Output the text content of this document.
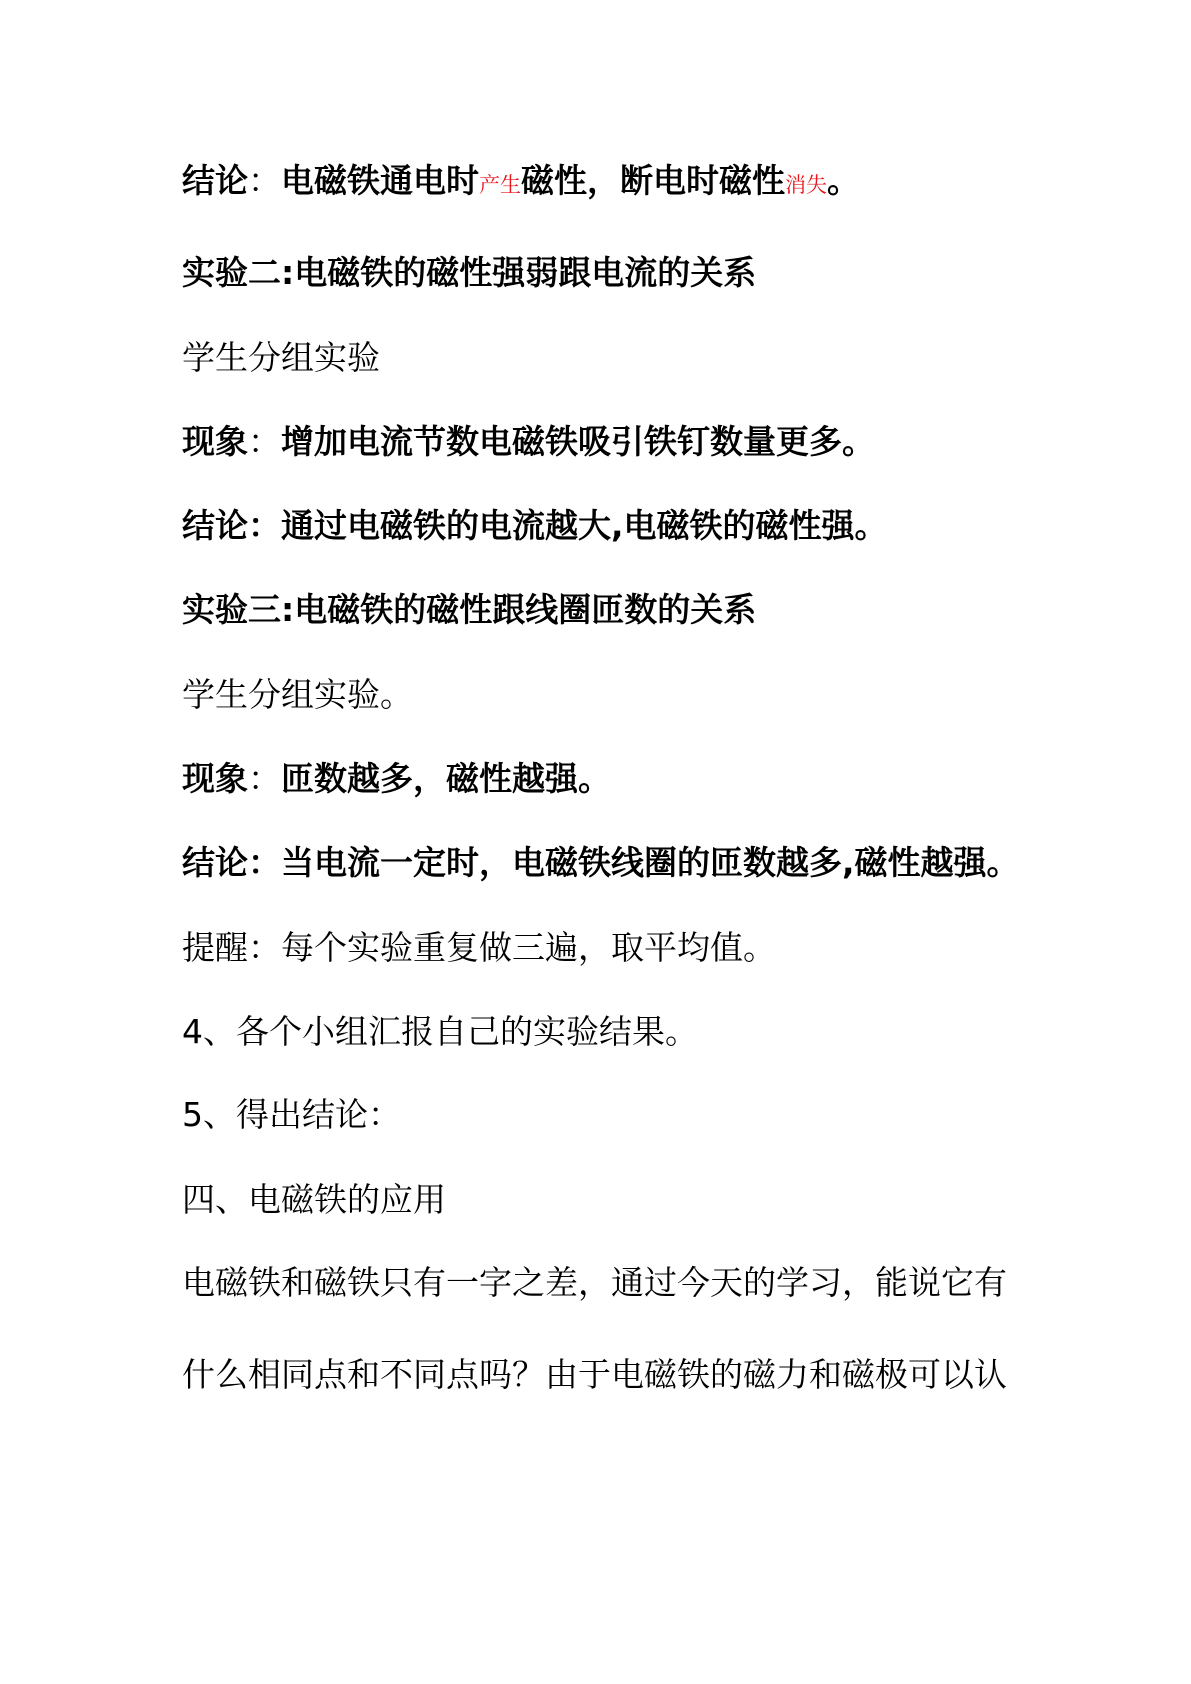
结论：电磁铁通电时产生磁性，断电时磁性消失。
实验二:电磁铁的磁性强弱跟电流的关系
学生分组实验
现象：增加电流节数电磁铁吸引铁钉数量更多。
结论：通过电磁铁的电流越大,电磁铁的磁性强。
实验三:电磁铁的磁性跟线圈匝数的关系
学生分组实验。
现象：匝数越多，磁性越强。
结论：当电流一定时，电磁铁线圈的匝数越多,磁性越强。
提醒：每个实验重复做三遍，取平均值。
4、各个小组汇报自己的实验结果。
5、得出结论：
四、电磁铁的应用
电磁铁和磁铁只有一字之差，通过今天的学习，能说它有
什么相同点和不同点吗？由于电磁铁的磁力和磁极可以认
